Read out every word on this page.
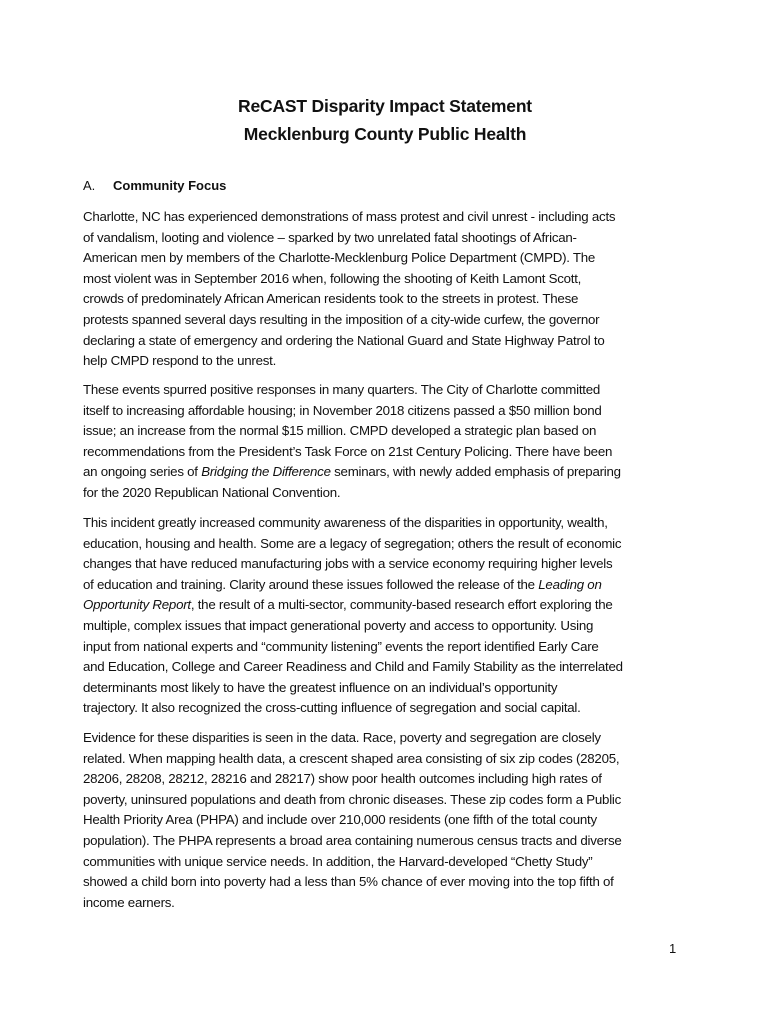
ReCAST Disparity Impact Statement
Mecklenburg County Public Health
A. Community Focus
Charlotte, NC has experienced demonstrations of mass protest and civil unrest - including acts
of vandalism, looting and violence – sparked by two unrelated fatal shootings of African-
American men by members of the Charlotte-Mecklenburg Police Department (CMPD). The
most violent was in September 2016 when, following the shooting of Keith Lamont Scott,
crowds of predominately African American residents took to the streets in protest. These
protests spanned several days resulting in the imposition of a city-wide curfew, the governor
declaring a state of emergency and ordering the National Guard and State Highway Patrol to
help CMPD respond to the unrest.
These events spurred positive responses in many quarters. The City of Charlotte committed
itself to increasing affordable housing; in November 2018 citizens passed a $50 million bond
issue; an increase from the normal $15 million. CMPD developed a strategic plan based on
recommendations from the President’s Task Force on 21st Century Policing. There have been
an ongoing series of Bridging the Difference seminars, with newly added emphasis of preparing
for the 2020 Republican National Convention.
This incident greatly increased community awareness of the disparities in opportunity, wealth,
education, housing and health. Some are a legacy of segregation; others the result of economic
changes that have reduced manufacturing jobs with a service economy requiring higher levels
of education and training. Clarity around these issues followed the release of the Leading on
Opportunity Report, the result of a multi-sector, community-based research effort exploring the
multiple, complex issues that impact generational poverty and access to opportunity. Using
input from national experts and “community listening” events the report identified Early Care
and Education, College and Career Readiness and Child and Family Stability as the interrelated
determinants most likely to have the greatest influence on an individual’s opportunity
trajectory. It also recognized the cross-cutting influence of segregation and social capital.
Evidence for these disparities is seen in the data. Race, poverty and segregation are closely
related. When mapping health data, a crescent shaped area consisting of six zip codes (28205,
28206, 28208, 28212, 28216 and 28217) show poor health outcomes including high rates of
poverty, uninsured populations and death from chronic diseases. These zip codes form a Public
Health Priority Area (PHPA) and include over 210,000 residents (one fifth of the total county
population). The PHPA represents a broad area containing numerous census tracts and diverse
communities with unique service needs. In addition, the Harvard-developed “Chetty Study”
showed a child born into poverty had a less than 5% chance of ever moving into the top fifth of
income earners.
1
